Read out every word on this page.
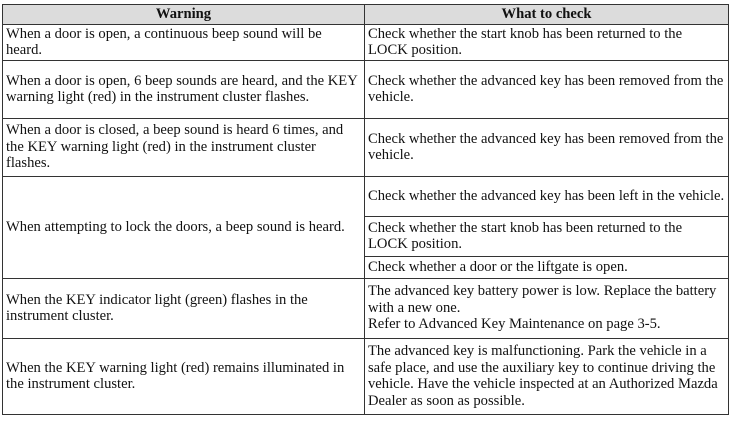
Warning	What to check
When a door is open, a continuous beep sound will be heard.	Check whether the start knob has been returned to the LOCK position.
When a door is open, 6 beep sounds are heard, and the KEY warning light (red) in the instrument cluster flashes.	Check whether the advanced key has been removed from the vehicle.
When a door is closed, a beep sound is heard 6 times, and the KEY warning light (red) in the instrument cluster flashes.	Check whether the advanced key has been removed from the vehicle.
When attempting to lock the doors, a beep sound is heard.	Check whether the advanced key has been left in the vehicle.
	Check whether the start knob has been returned to the LOCK position.
	Check whether a door or the liftgate is open.
When the KEY indicator light (green) flashes in the instrument cluster.	The advanced key battery power is low. Replace the battery with a new one.
Refer to Advanced Key Maintenance on page 3-5.
When the KEY warning light (red) remains illuminated in the instrument cluster.	The advanced key is malfunctioning. Park the vehicle in a safe place, and use the auxiliary key to continue driving the vehicle. Have the vehicle inspected at an Authorized Mazda Dealer as soon as possible.
